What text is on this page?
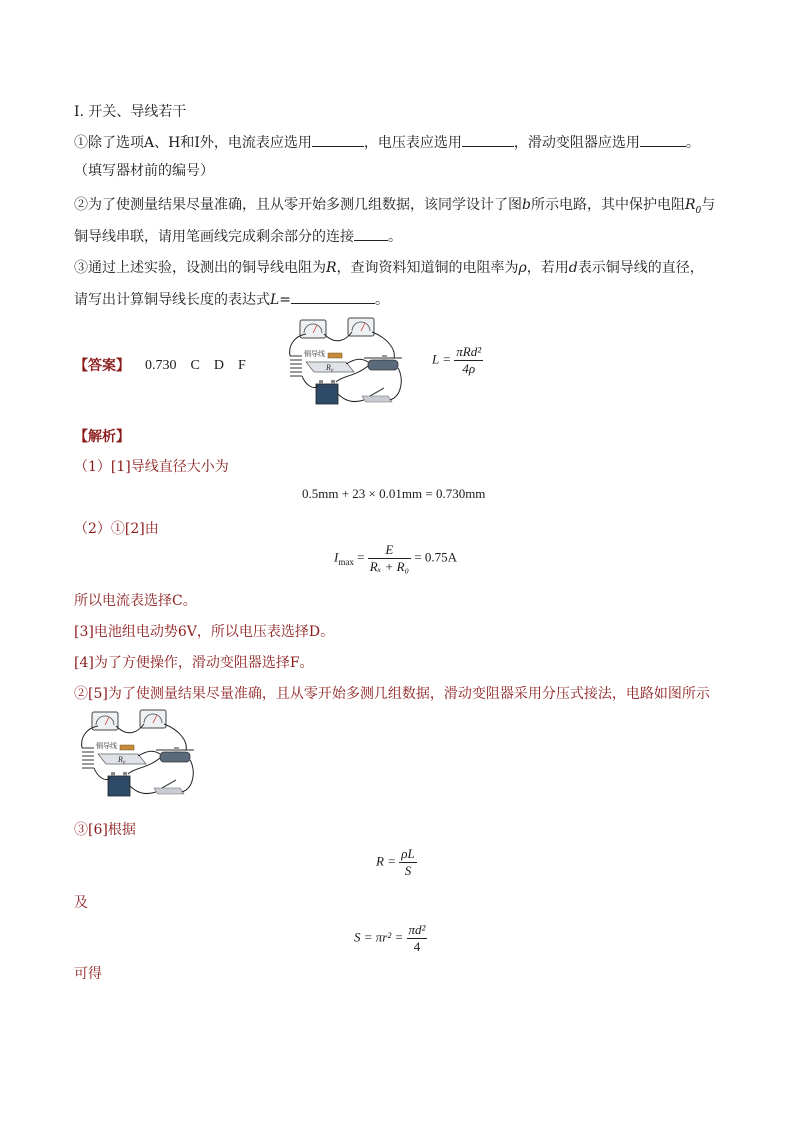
I. 开关、导线若干
①除了选项A、H和I外，电流表应选用	，电压表应选用	，滑动变阻器应选用	。
（填写器材前的编号）
②为了使测量结果尽量准确，且从零开始多测几组数据，该同学设计了图b所示电路，其中保护电阻$R_0$与
铜导线串联，请用笔画线完成剩余部分的连接 。
③通过上述实验，设测出的铜导线电阻为R，查询资料知道铜的电阻率为ρ，若用d表示铜导线的直径，
请写出计算铜导线长度的表达式L=	。
【答案】 0.730　C　D　F
铜导线
R₀
$L = \frac{\text{πRd²}}{4\rho}$
【解析】
（1）[1]导线直径大小为
0.5mm + 23 × 0.01mm = 0.730mm
（2）①[2]由
$I_{max} = \frac{E}{\text{Rₓ + R₀}} = 0.75A$
所以电流表选择C。
[3]电池组电动势6V，所以电压表选择D。
[4]为了方便操作，滑动变阻器选择F。
②[5]为了使测量结果尽量准确，且从零开始多测几组数据，滑动变阻器采用分压式接法，电路如图所示
铜导线
R₀
③[6]根据
$R = \frac{\rho L}{S}$
及
$S = \pi r^2 = \frac{\text{πd²}}{4}$
可得
